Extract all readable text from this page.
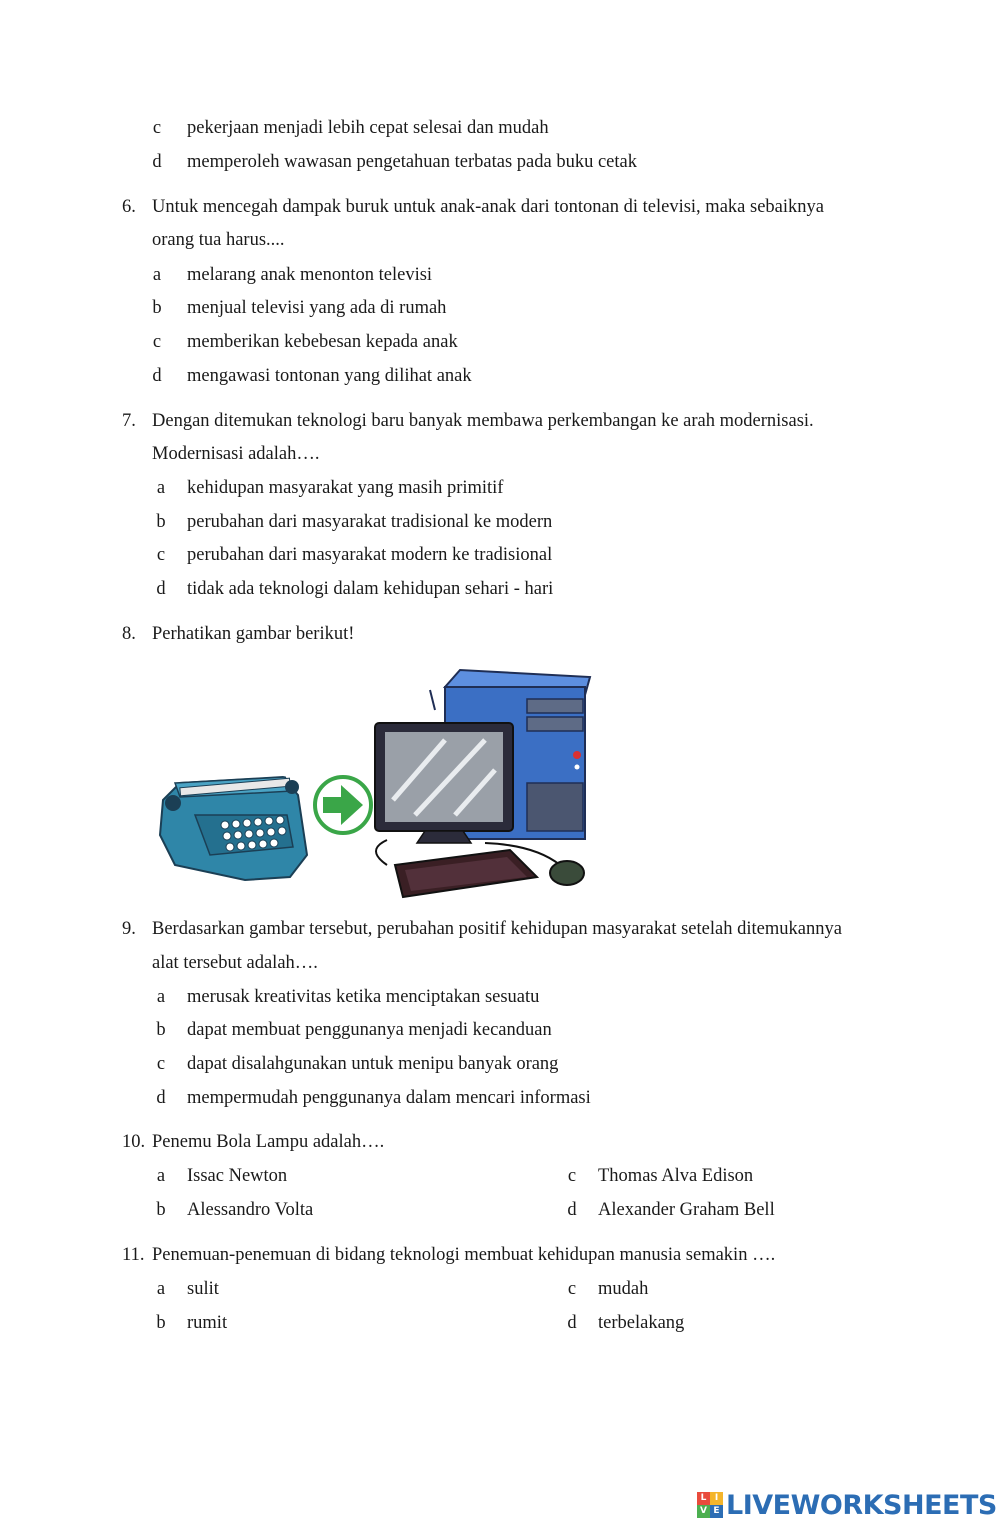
c	pekerjaan menjadi lebih cepat selesai dan mudah
d memperoleh wawasan pengetahuan terbatas pada buku cetak
6. Untuk mencegah dampak buruk untuk anak-anak dari tontonan di televisi, maka sebaiknya
orang tua harus....
a	melarang anak menonton televisi
b menjual televisi yang ada di rumah
c	memberikan kebebesan kepada anak
d mengawasi tontonan yang dilihat anak
7. Dengan ditemukan teknologi baru banyak membawa perkembangan ke arah modernisasi.
Modernisasi adalah….
a	kehidupan masyarakat yang masih primitif
b perubahan dari masyarakat tradisional ke modern
c	perubahan dari masyarakat modern ke tradisional
d tidak ada teknologi dalam kehidupan sehari - hari
8. Perhatikan gambar berikut!
9. Berdasarkan gambar tersebut, perubahan positif kehidupan masyarakat setelah ditemukannya
alat tersebut adalah….
a	merusak kreativitas ketika menciptakan sesuatu
b dapat membuat penggunanya menjadi kecanduan
c	dapat disalahgunakan untuk menipu banyak orang
d mempermudah penggunanya dalam mencari informasi
10. Penemu Bola Lampu adalah….
a	Issac Newton
b Alessandro Volta
c	Thomas Alva Edison
d Alexander Graham Bell
11. Penemuan-penemuan di bidang teknologi membuat kehidupan manusia semakin ….
a	sulit
b rumit
c	mudah
d terbelakang
L I
V E LIVEWORKSHEETS
